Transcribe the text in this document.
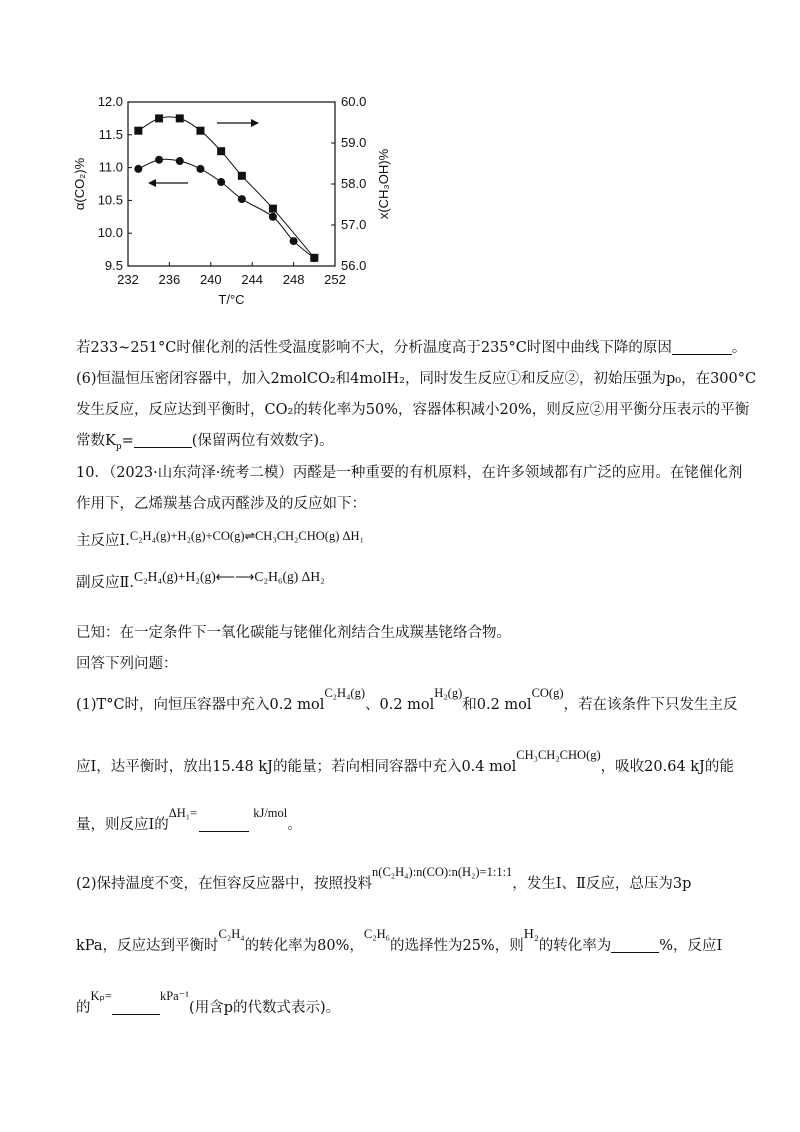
232 236 240 244 248 252
12.0
11.5
11.0
10.5
10.0
9.5
60.0
59.0
58.0
57.0
56.0
T/°C
α(CO₂)%	x(CH₃OH)%
若233~251°C时催化剂的活性受温度影响不大，分析温度高于235°C时图中曲线下降的原因	。
(6)恒温恒压密闭容器中，加入2molCO₂和4molH₂，同时发生反应①和反应②，初始压强为p₀，在300°C
发生反应，反应达到平衡时，CO₂的转化率为50%，容器体积减小20%，则反应②用平衡分压表示的平衡
常数$K_p=$	(保留两位有效数字)。
10．（2023·山东菏泽·统考二模）丙醛是一种重要的有机原料，在许多领域都有广泛的应用。在铑催化剂
作用下，乙烯羰基合成丙醛涉及的反应如下：
主反应Ⅰ.C₂H₄(g)+H₂(g)+CO(g)⇌CH₃CH₂CHO(g) ΔH₁
副反应Ⅱ.C₂H₄(g)+H₂(g)⟵⟶C₂H₆(g) ΔH₂
已知：在一定条件下一氧化碳能与铑催化剂结合生成羰基铑络合物。
回答下列问题：
(1)T°C时，向恒压容器中充入0.2 molC₂H₄(g)、0.2 molH₂(g)和0.2 molCO(g)，若在该条件下只发生主反
应I，达平衡时，放出15.48 kJ的能量；若向相同容器中充入0.4 molCH₃CH₂CHO(g)，吸收20.64 kJ的能
量，则反应I的ΔH₁=	kJ/mol。
(2)保持温度不变，在恒容反应器中，按照投料n(C₂H₄):n(CO):n(H₂)=1:1:1，发生Ⅰ、Ⅱ反应，总压为3p
kPa，反应达到平衡时C₂H₄的转化率为80%，C₂H₆的选择性为25%，则H₂的转化率为	%，反应I
的Kₚ=	kPa⁻¹(用含p的代数式表示)。
